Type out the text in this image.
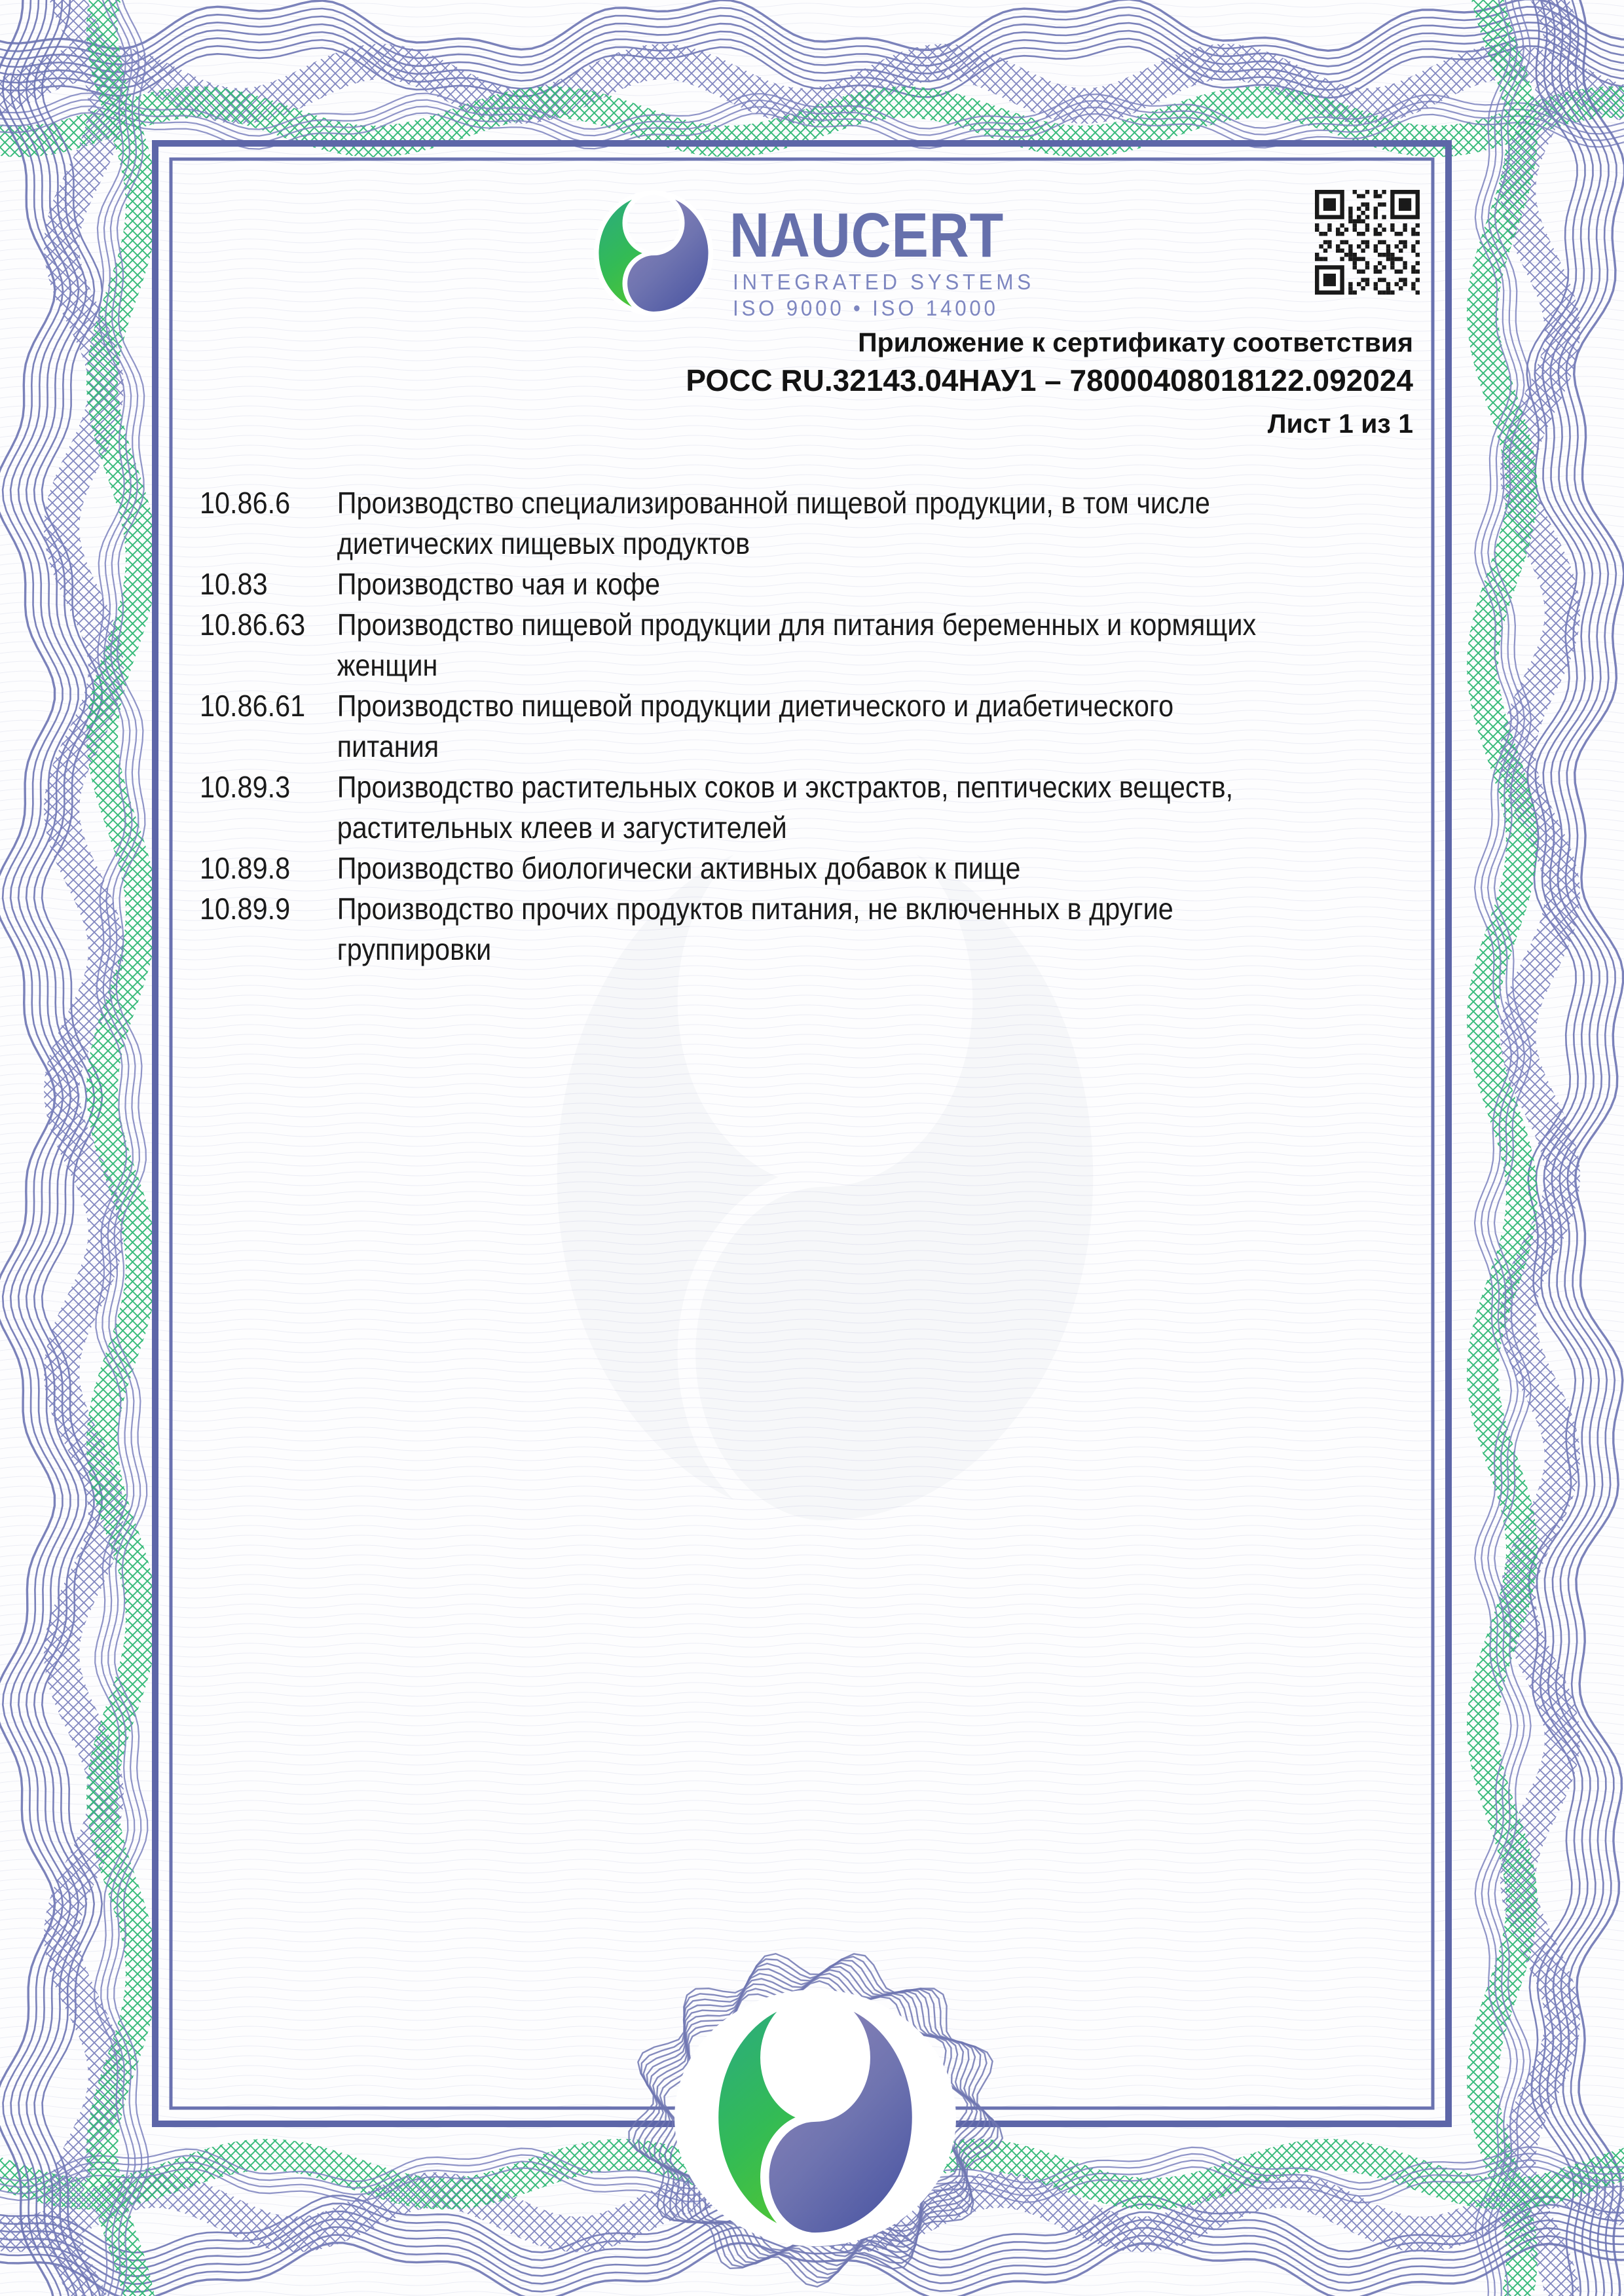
NAUCERT
INTEGRATED SYSTEMS
ISO 9000 • ISO 14000
Приложение к сертификату соответствия
РОСС RU.32143.04НАУ1 – 78000408018122.092024
Лист 1 из 1
10.86.6	Производство специализированной пищевой продукции, в том числе
диетических пищевых продуктов
10.83	Производство чая и кофе
10.86.63	Производство пищевой продукции для питания беременных и кормящих
женщин
10.86.61	Производство пищевой продукции диетического и диабетического
питания
10.89.3	Производство растительных соков и экстрактов, пептических веществ,
растительных клеев и загустителей
10.89.8	Производство биологически активных добавок к пище
10.89.9	Производство прочих продуктов питания, не включенных в другие
группировки
